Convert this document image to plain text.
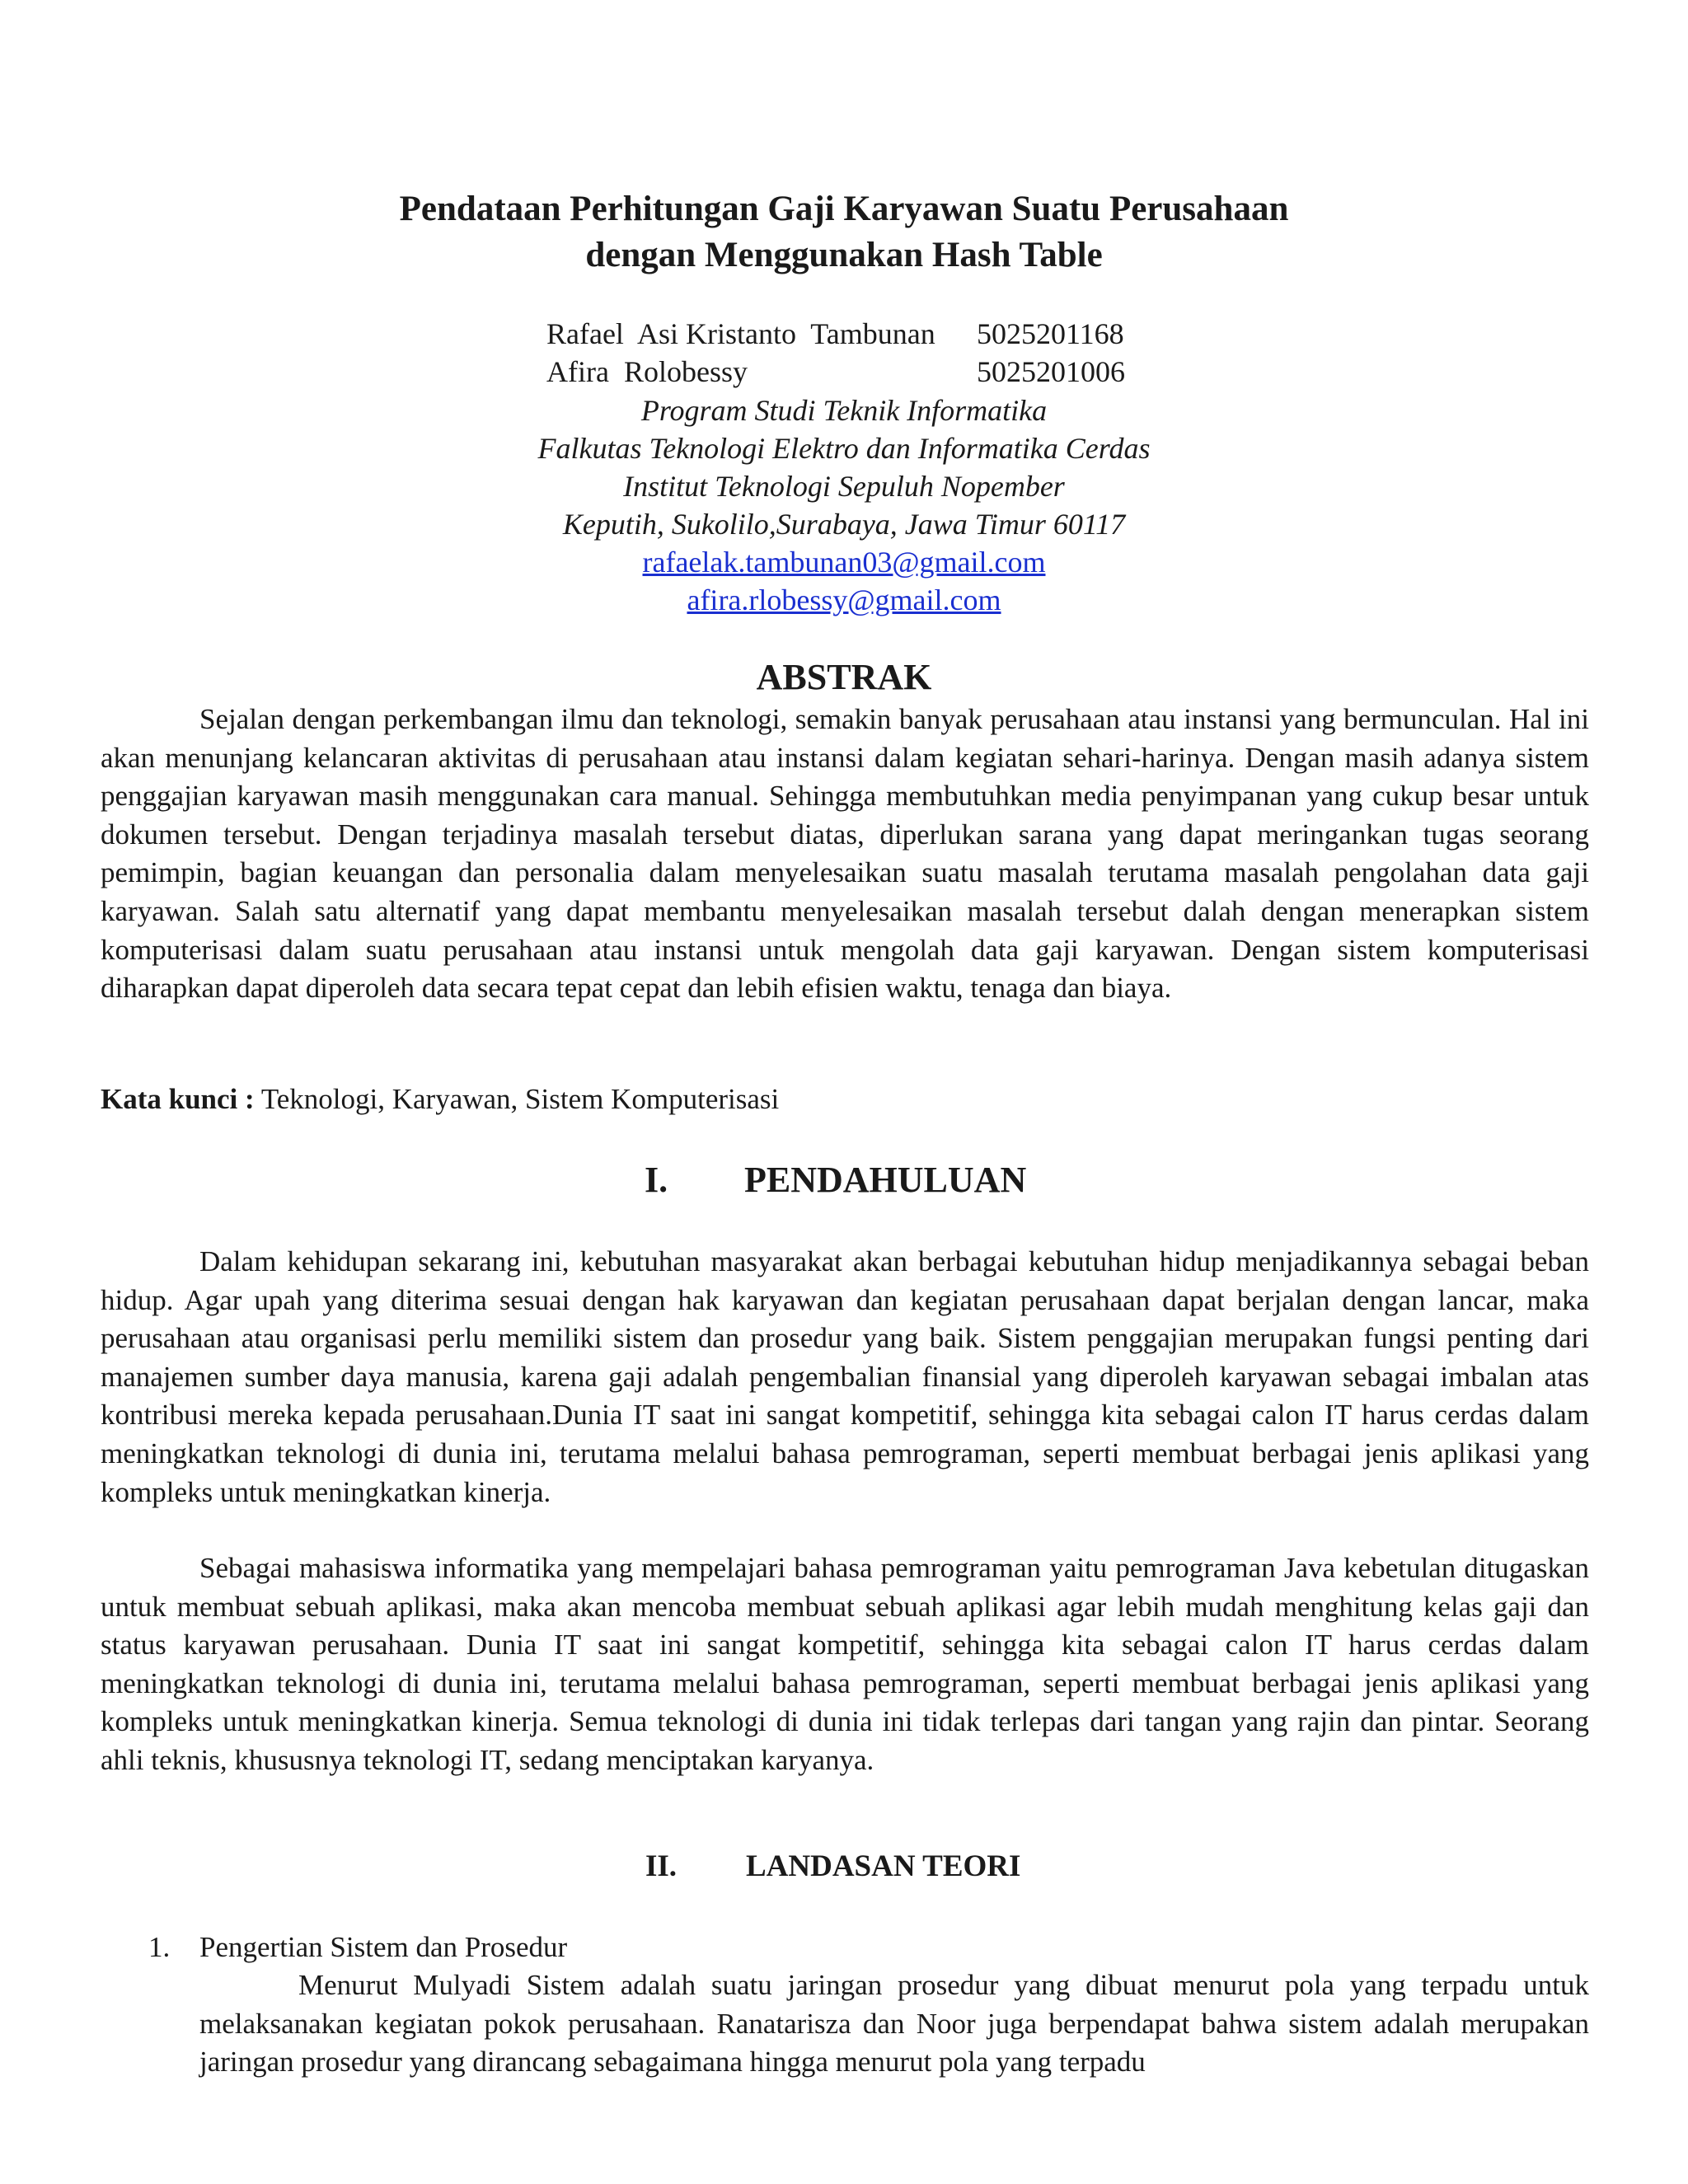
Pendataan Perhitungan Gaji Karyawan Suatu Perusahaan
dengan Menggunakan Hash Table
Rafael  Asi Kristanto  Tambunan 5025201168
Afira  Rolobessy	5025201006
Program Studi Teknik Informatika
Falkutas Teknologi Elektro dan Informatika Cerdas
Institut Teknologi Sepuluh Nopember
Keputih, Sukolilo,Surabaya, Jawa Timur 60117
rafaelak.tambunan03@gmail.com
afira.rlobessy@gmail.com
ABSTRAK
Sejalan dengan perkembangan ilmu dan teknologi, semakin banyak perusahaan atau instansi yang bermunculan. Hal ini akan menunjang kelancaran aktivitas di perusahaan atau instansi dalam kegiatan sehari-harinya. Dengan masih adanya sistem penggajian karyawan masih menggunakan cara manual. Sehingga membutuhkan media penyimpanan yang cukup besar untuk dokumen tersebut. Dengan terjadinya masalah tersebut diatas, diperlukan sarana yang dapat meringankan tugas seorang pemimpin, bagian keuangan dan personalia dalam menyelesaikan suatu masalah terutama masalah pengolahan data gaji karyawan. Salah satu alternatif yang dapat membantu menyelesaikan masalah tersebut dalah dengan menerapkan sistem komputerisasi dalam suatu perusahaan atau instansi untuk mengolah data gaji karyawan. Dengan sistem komputerisasi diharapkan dapat diperoleh data secara tepat cepat dan lebih efisien waktu, tenaga dan biaya.
Kata kunci : Teknologi, Karyawan, Sistem Komputerisasi
I. PENDAHULUAN
Dalam kehidupan sekarang ini, kebutuhan masyarakat akan berbagai kebutuhan hidup menjadikannya sebagai beban hidup. Agar upah yang diterima sesuai dengan hak karyawan dan kegiatan perusahaan dapat berjalan dengan lancar, maka perusahaan atau organisasi perlu memiliki sistem dan prosedur yang baik. Sistem penggajian merupakan fungsi penting dari manajemen sumber daya manusia, karena gaji adalah pengembalian finansial yang diperoleh karyawan sebagai imbalan atas kontribusi mereka kepada perusahaan.Dunia IT saat ini sangat kompetitif, sehingga kita sebagai calon IT harus cerdas dalam meningkatkan teknologi di dunia ini, terutama melalui bahasa pemrograman, seperti membuat berbagai jenis aplikasi yang kompleks untuk meningkatkan kinerja.
Sebagai mahasiswa informatika yang mempelajari bahasa pemrograman yaitu pemrograman Java kebetulan ditugaskan untuk membuat sebuah aplikasi, maka akan mencoba membuat sebuah aplikasi agar lebih mudah menghitung kelas gaji dan status karyawan perusahaan. Dunia IT saat ini sangat kompetitif, sehingga kita sebagai calon IT harus cerdas dalam meningkatkan teknologi di dunia ini, terutama melalui bahasa pemrograman, seperti membuat berbagai jenis aplikasi yang kompleks untuk meningkatkan kinerja. Semua teknologi di dunia ini tidak terlepas dari tangan yang rajin dan pintar. Seorang ahli teknis, khususnya teknologi IT, sedang menciptakan karyanya.
II. LANDASAN TEORI
1. Pengertian Sistem dan Prosedur
Menurut Mulyadi Sistem adalah suatu jaringan prosedur yang dibuat menurut pola yang terpadu untuk melaksanakan kegiatan pokok perusahaan. Ranatarisza dan Noor juga berpendapat bahwa sistem adalah merupakan jaringan prosedur yang dirancang sebagaimana hingga menurut pola yang terpadu
